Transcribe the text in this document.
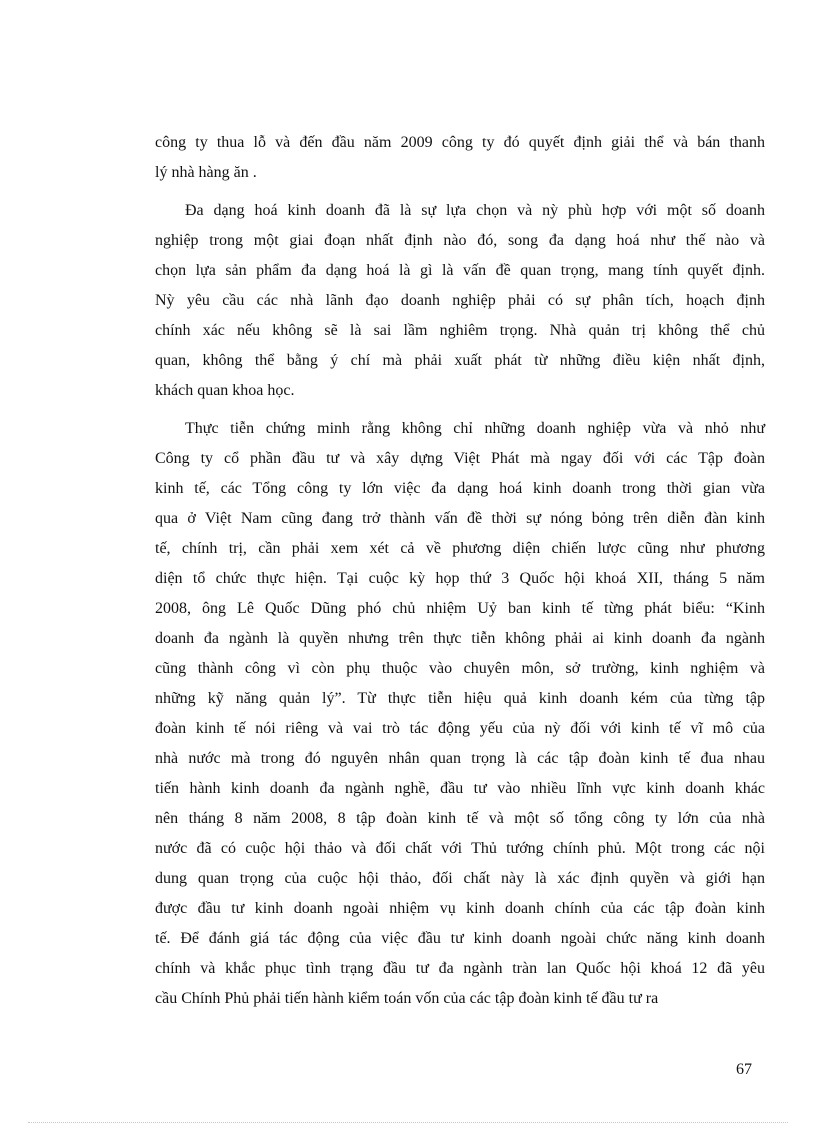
công ty thua lỗ và đến đầu năm 2009 công ty đó quyết định giải thể và bán thanh
lý nhà hàng ăn .
Đa dạng hoá kinh doanh đã là sự lựa chọn và nỳ phù hợp với một số doanh
nghiệp trong một giai đoạn nhất định nào đó, song đa dạng hoá như thế nào và
chọn lựa sản phẩm đa dạng hoá là gì là vấn đề quan trọng, mang tính quyết định.
Nỳ yêu cầu các nhà lãnh đạo doanh nghiệp phải có sự phân tích, hoạch định
chính xác nếu không sẽ là sai lầm nghiêm trọng. Nhà quản trị không thể chủ
quan, không thể bằng ý chí mà phải xuất phát từ những điều kiện nhất định,
khách quan khoa học.
Thực tiễn chứng minh rằng không chỉ những doanh nghiệp vừa và nhỏ như
Công ty cổ phần đầu tư và xây dựng Việt Phát mà ngay đối với các Tập đoàn
kinh tế, các Tổng công ty lớn việc đa dạng hoá kinh doanh trong thời gian vừa
qua ở Việt Nam cũng đang trở thành vấn đề thời sự nóng bỏng trên diễn đàn kinh
tế, chính trị, cần phải xem xét cả về phương diện chiến lược cũng như phương
diện tổ chức thực hiện. Tại cuộc kỳ họp thứ 3 Quốc hội khoá XII, tháng 5 năm
2008, ông Lê Quốc Dũng phó chủ nhiệm Uỷ ban kinh tế từng phát biểu: “Kinh
doanh đa ngành là quyền nhưng trên thực tiễn không phải ai kinh doanh đa ngành
cũng thành công vì còn phụ thuộc vào chuyên môn, sở trường, kinh nghiệm và
những kỹ năng quản lý”. Từ thực tiễn hiệu quả kinh doanh kém của từng tập
đoàn kinh tế nói riêng và vai trò tác động yếu của nỳ đối với kinh tế vĩ mô của
nhà nước mà trong đó nguyên nhân quan trọng là các tập đoàn kinh tế đua nhau
tiến hành kinh doanh đa ngành nghề, đầu tư vào nhiều lĩnh vực kinh doanh khác
nên tháng 8 năm 2008, 8 tập đoàn kinh tế và một số tổng công ty lớn của nhà
nước đã có cuộc hội thảo và đối chất với Thủ tướng chính phủ. Một trong các nội
dung quan trọng của cuộc hội thảo, đối chất này là xác định quyền và giới hạn
được đầu tư kinh doanh ngoài nhiệm vụ kinh doanh chính của các tập đoàn kinh
tế. Để đánh giá tác động của việc đầu tư kinh doanh ngoài chức năng kinh doanh
chính và khắc phục tình trạng đầu tư đa ngành tràn lan Quốc hội khoá 12 đã yêu
cầu Chính Phủ phải tiến hành kiểm toán vốn của các tập đoàn kinh tế đầu tư ra
67
